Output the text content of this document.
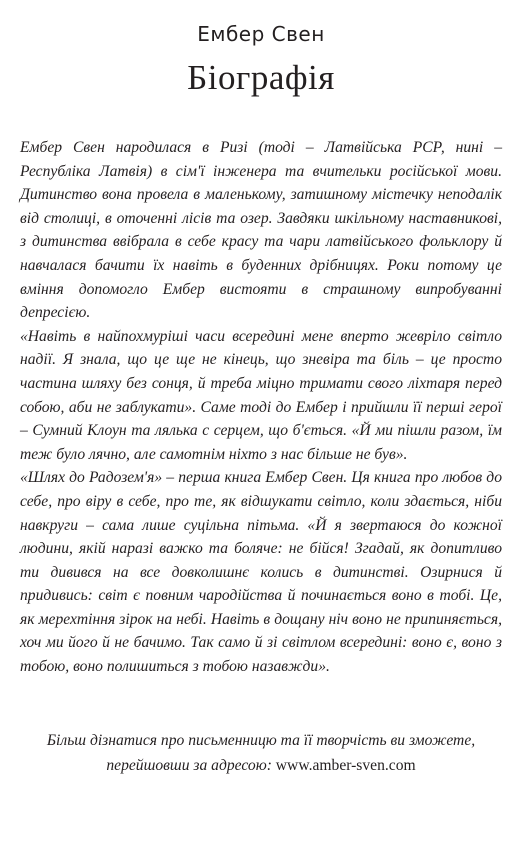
Ембер Свен
Біографія

Ембер Свен народилася в Ризі (тоді – Латвійська РСР, нині – Республіка Латвія) в сім'ї інженера та вчительки російської мови. Дитинство вона провела в маленькому, затишному містечку неподалік від столиці, в оточенні лісів та озер. Завдяки шкільному наставникові, з дитинства ввібрала в себе красу та чари латвійського фольклору й навчалася бачити їх навіть в буденних дрібницях. Роки потому це вміння допомогло Ембер вистояти в страшному випробуванні депресією.

«Навіть в найпохмуріші часи всередині мене вперто жевріло світло надії. Я знала, що це ще не кінець, що зневіра та біль – це просто частина шляху без сонця, й треба міцно тримати свого ліхтаря перед собою, аби не заблукати». Саме тоді до Ембер і прийшли її перші герої – Сумний Клоун та лялька с серцем, що б'ється. «Й ми пішли разом, їм теж було лячно, але самотнім ніхто з нас більше не був».

«Шлях до Радозем'я» – перша книга Ембер Свен. Ця книга про любов до себе, про віру в себе, про те, як відшукати світло, коли здається, ніби навкруги – сама лише суцільна пітьма. «Й я звертаюся до кожної людини, якій наразі важко та боляче: не бійся! Згадай, як допитливо ти дивився на все довколишнє колись в дитинстві. Озирнися й придивись: світ є повним чародійства й починається воно в тобі. Це, як мерехтіння зірок на небі. Навіть в дощану ніч воно не припиняється, хоч ми його й не бачимо. Так само й зі світлом всередині: воно є, воно з тобою, воно полишиться з тобою назавжди».

Більш дізнатися про письменницю та її творчість ви зможете, перейшовши за адресою: www.amber-sven.com
